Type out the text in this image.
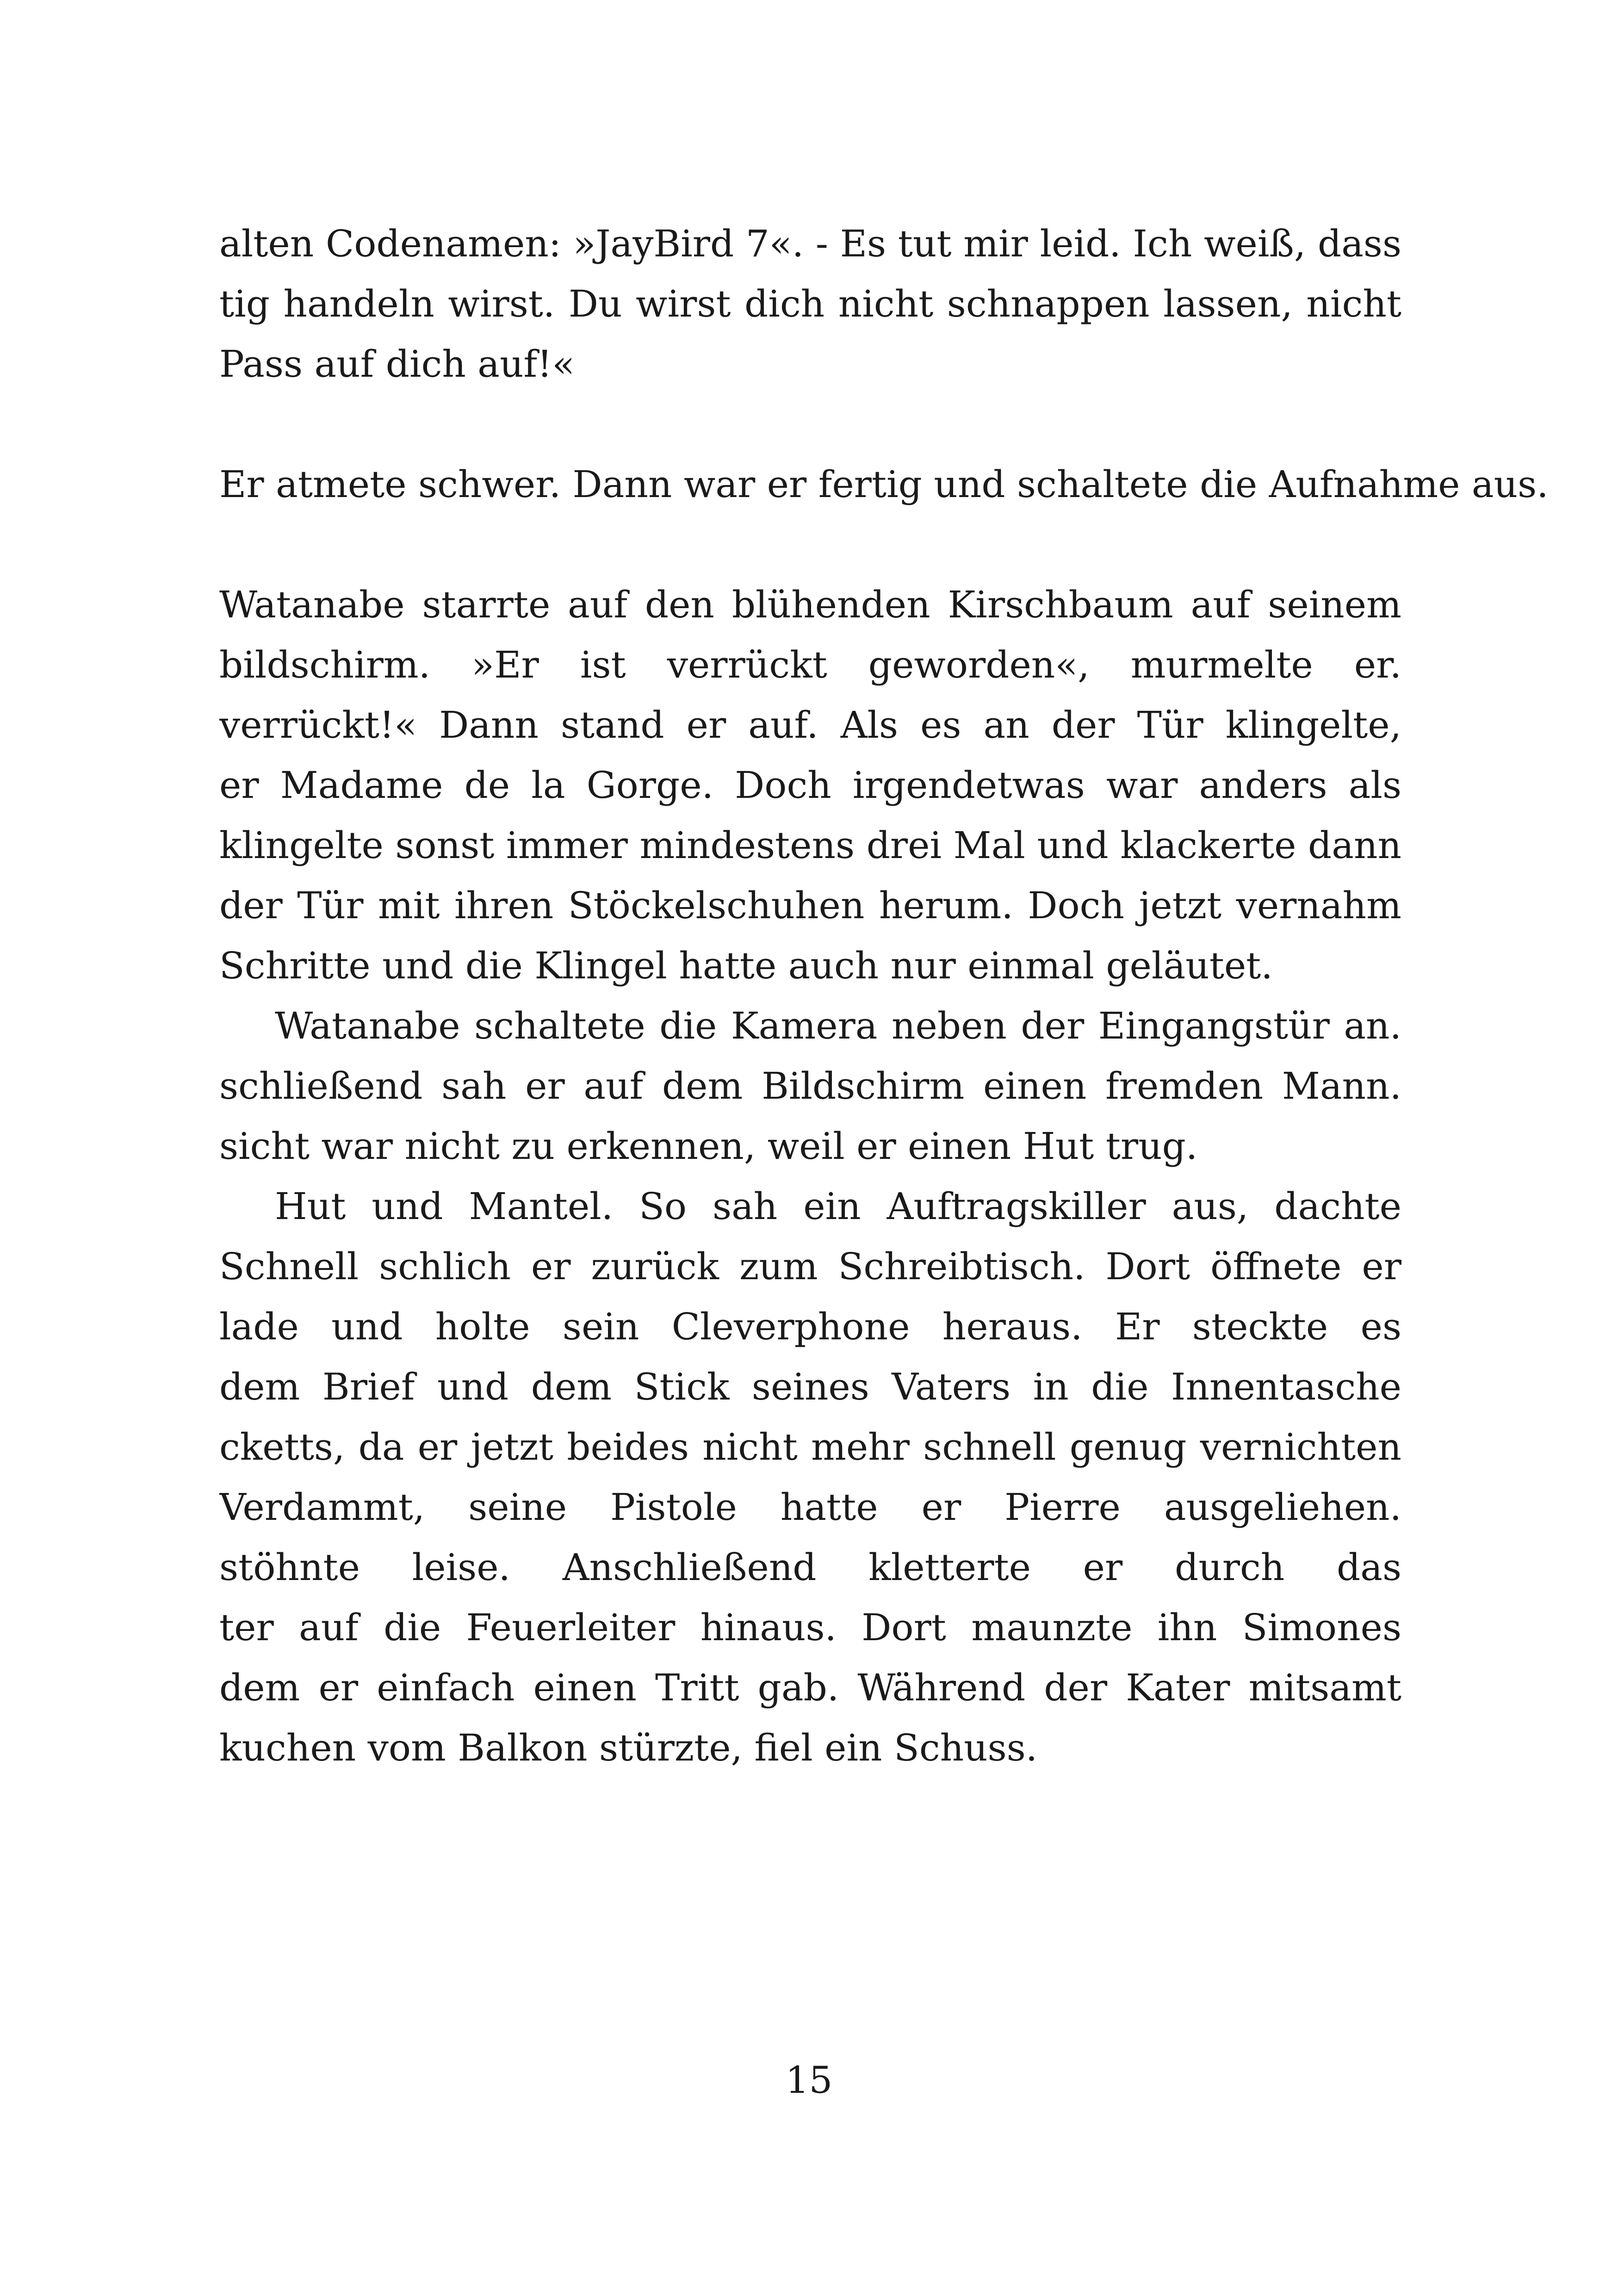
alten Codenamen: »JayBird 7«. - Es tut mir leid. Ich weiß, dass
tig handeln wirst. Du wirst dich nicht schnappen lassen, nicht
Pass auf dich auf!«
Er atmete schwer. Dann war er fertig und schaltete die Aufnahme aus.
Watanabe starrte auf den blühenden Kirschbaum auf seinem
bildschirm. »Er ist verrückt geworden«, murmelte er.
verrückt!« Dann stand er auf. Als es an der Tür klingelte,
er Madame de la Gorge. Doch irgendetwas war anders als
klingelte sonst immer mindestens drei Mal und klackerte dann
der Tür mit ihren Stöckelschuhen herum. Doch jetzt vernahm
Schritte und die Klingel hatte auch nur einmal geläutet.
Watanabe schaltete die Kamera neben der Eingangstür an.
schließend sah er auf dem Bildschirm einen fremden Mann.
sicht war nicht zu erkennen, weil er einen Hut trug.
Hut und Mantel. So sah ein Auftragskiller aus, dachte
Schnell schlich er zurück zum Schreibtisch. Dort öffnete er
lade und holte sein Cleverphone heraus. Er steckte es
dem Brief und dem Stick seines Vaters in die Innentasche
cketts, da er jetzt beides nicht mehr schnell genug vernichten
Verdammt, seine Pistole hatte er Pierre ausgeliehen.
stöhnte leise. Anschließend kletterte er durch das
ter auf die Feuerleiter hinaus. Dort maunzte ihn Simones
dem er einfach einen Tritt gab. Während der Kater mitsamt
kuchen vom Balkon stürzte, fiel ein Schuss.
15
